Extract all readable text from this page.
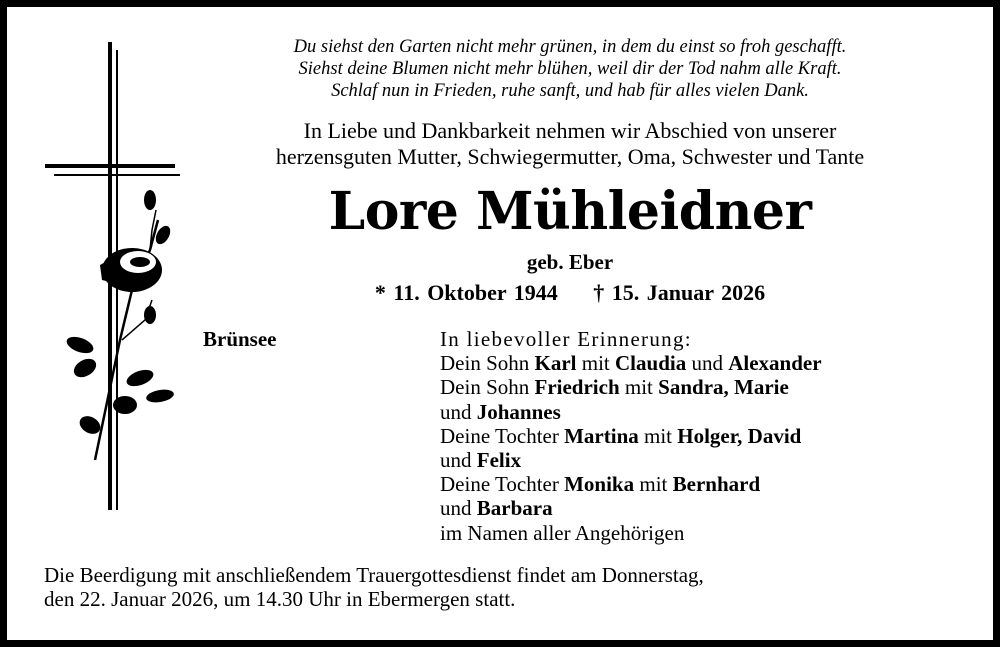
Du siehst den Garten nicht mehr grünen, in dem du einst so froh geschafft.
Siehst deine Blumen nicht mehr blühen, weil dir der Tod nahm alle Kraft.
Schlaf nun in Frieden, ruhe sanft, und hab für alles vielen Dank.
In Liebe und Dankbarkeit nehmen wir Abschied von unserer
herzensguten Mutter, Schwiegermutter, Oma, Schwester und Tante
Lore Mühleidner
geb. Eber
* 11. Oktober 1944 † 15. Januar 2026
Brünsee	In liebevoller Erinnerung:
Dein Sohn Karl mit Claudia und Alexander
Dein Sohn Friedrich mit Sandra, Marie
und Johannes
Deine Tochter Martina mit Holger, David
und Felix
Deine Tochter Monika mit Bernhard
und Barbara
im Namen aller Angehörigen
Die Beerdigung mit anschließendem Trauergottesdienst findet am Donnerstag,
den 22. Januar 2026, um 14.30 Uhr in Ebermergen statt.
